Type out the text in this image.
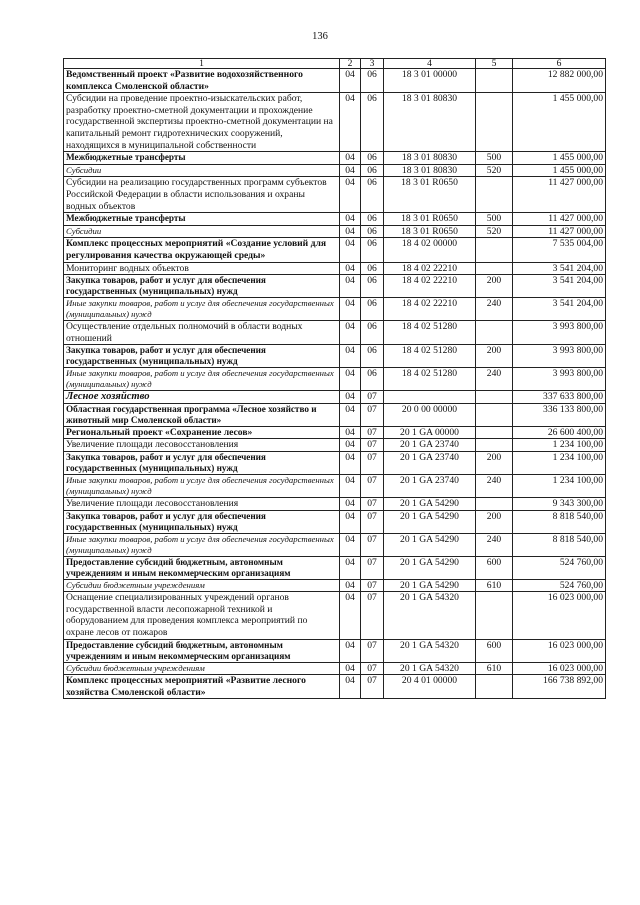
136
1	2	3	4	5	6
Ведомственный проект «Развитие водохозяйственного комплекса Смоленской области»	04	06	18 3 01 00000		12 882 000,00
Субсидии на проведение проектно-изыскательских работ, разработку проектно-сметной документации и прохождение государственной экспертизы проектно-сметной документации на капитальный ремонт гидротехнических сооружений, находящихся в муниципальной собственности	04	06	18 3 01 80830		1 455 000,00
Межбюджетные трансферты	04	06	18 3 01 80830	500	1 455 000,00
Субсидии	04	06	18 3 01 80830	520	1 455 000,00
Субсидии на реализацию государственных программ субъектов Российской Федерации в области использования и охраны водных объектов	04	06	18 3 01 R0650		11 427 000,00
Межбюджетные трансферты	04	06	18 3 01 R0650	500	11 427 000,00
Субсидии	04	06	18 3 01 R0650	520	11 427 000,00
Комплекс процессных мероприятий «Создание условий для регулирования качества окружающей среды»	04	06	18 4 02 00000		7 535 004,00
Мониторинг водных объектов	04	06	18 4 02 22210		3 541 204,00
Закупка товаров, работ и услуг для обеспечения государственных (муниципальных) нужд	04	06	18 4 02 22210	200	3 541 204,00
Иные закупки товаров, работ и услуг для обеспечения государственных (муниципальных) нужд	04	06	18 4 02 22210	240	3 541 204,00
Осуществление отдельных полномочий в области водных отношений	04	06	18 4 02 51280		3 993 800,00
Закупка товаров, работ и услуг для обеспечения государственных (муниципальных) нужд	04	06	18 4 02 51280	200	3 993 800,00
Иные закупки товаров, работ и услуг для обеспечения государственных (муниципальных) нужд	04	06	18 4 02 51280	240	3 993 800,00
Лесное хозяйство	04	07			337 633 800,00
Областная государственная программа «Лесное хозяйство и животный мир Смоленской области»	04	07	20 0 00 00000		336 133 800,00
Региональный проект «Сохранение лесов»	04	07	20 1 GA 00000		26 600 400,00
Увеличение площади лесовосстановления	04	07	20 1 GA 23740		1 234 100,00
Закупка товаров, работ и услуг для обеспечения государственных (муниципальных) нужд	04	07	20 1 GA 23740	200	1 234 100,00
Иные закупки товаров, работ и услуг для обеспечения государственных (муниципальных) нужд	04	07	20 1 GA 23740	240	1 234 100,00
Увеличение площади лесовосстановления	04	07	20 1 GA 54290		9 343 300,00
Закупка товаров, работ и услуг для обеспечения государственных (муниципальных) нужд	04	07	20 1 GA 54290	200	8 818 540,00
Иные закупки товаров, работ и услуг для обеспечения государственных (муниципальных) нужд	04	07	20 1 GA 54290	240	8 818 540,00
Предоставление субсидий бюджетным, автономным учреждениям и иным некоммерческим организациям	04	07	20 1 GA 54290	600	524 760,00
Субсидии бюджетным учреждениям	04	07	20 1 GA 54290	610	524 760,00
Оснащение специализированных учреждений органов государственной власти лесопожарной техникой и оборудованием для проведения комплекса мероприятий по охране лесов от пожаров	04	07	20 1 GA 54320		16 023 000,00
Предоставление субсидий бюджетным, автономным учреждениям и иным некоммерческим организациям	04	07	20 1 GA 54320	600	16 023 000,00
Субсидии бюджетным учреждениям	04	07	20 1 GA 54320	610	16 023 000,00
Комплекс процессных мероприятий «Развитие лесного хозяйства Смоленской области»	04	07	20 4 01 00000		166 738 892,00
